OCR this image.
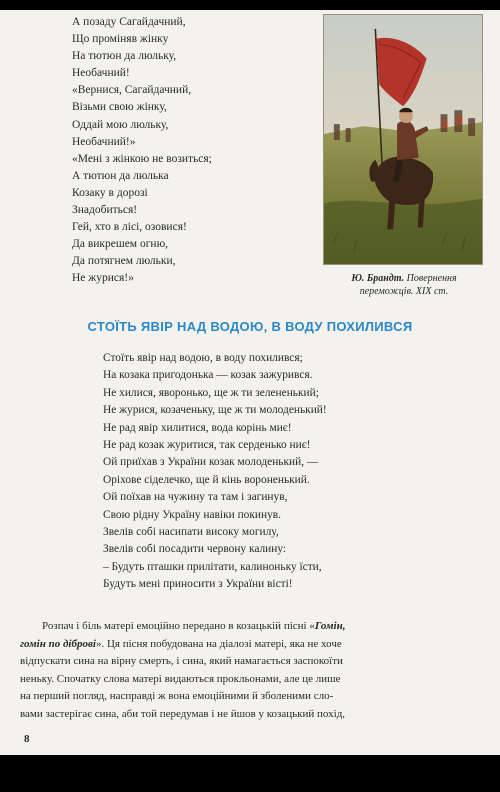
А позаду Сагайдачний,
Що проміняв жінку
На тютюн да люльку,
Необачний!
«Вернися, Сагайдачний,
Візьми свою жінку,
Оддай мою люльку,
Необачний!»
«Мені з жінкою не возиться;
А тютюн да люлька
Козаку в дорозі
Знадобиться!
Гей, хто в лісі, озовися!
Да викрешем огню,
Да потягнем люльки,
Не журися!»	Ю. Брандт. Повернення
переможців. XIX ст.
СТОЇТЬ ЯВІР НАД ВОДОЮ, В ВОДУ ПОХИЛИВСЯ
Стоїть явір над водою, в воду похилився;
На козака пригодонька — козак зажурився.
Не хилися, яворонько, ще ж ти зелененький;
Не журися, козаченьку, ще ж ти молоденький!
Не рад явір хилитися, вода корінь миє!
Не рад козак журитися, так серденько ниє!
Ой приїхав з України козак молоденький, —
Оріхове сіделечко, ще й кінь вороненький.
Ой поїхав на чужину та там і загинув,
Свою рідну Україну навіки покинув.
Звелів собі насипати високу могилу,
Звелів собі посадити червону калину:
– Будуть пташки прилітати, калиноньку їсти,
Будуть мені приносити з України вісті!
Розпач і біль матері емоційно передано в козацькій пісні «Гомін,
гомін по діброві». Ця пісня побудована на діалозі матері, яка не хоче
відпускати сина на вірну смерть, і сина, який намагається заспокоїти
неньку. Спочатку слова матері видаються прокльонами, але це лише
на перший погляд, насправді ж вона емоційними й зболеними сло-
вами застерігає сина, аби той передумав і не йшов у козацький похід,
8
